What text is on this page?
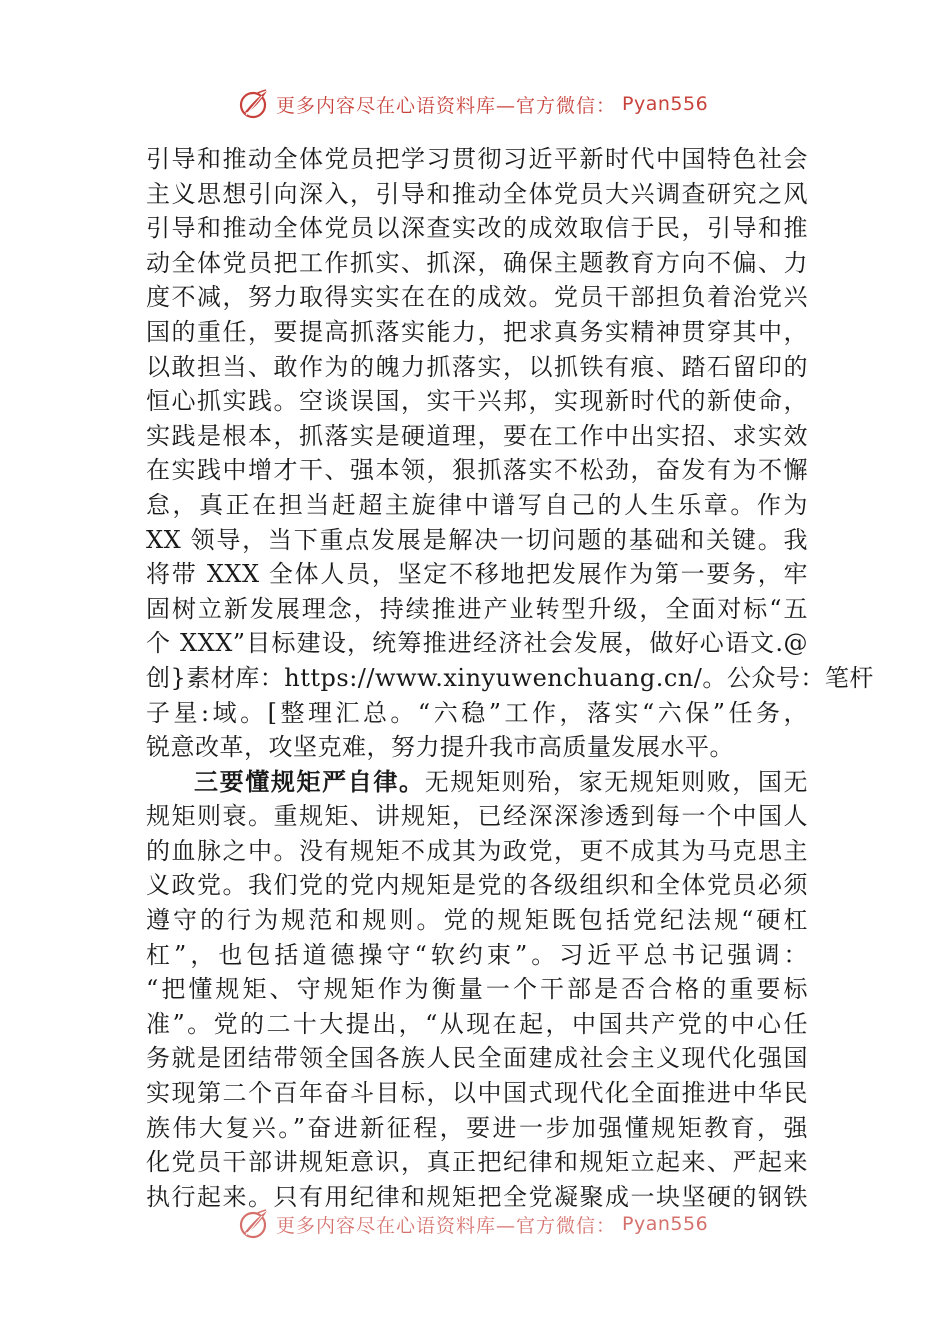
更多内容尽在心语资料库—官方微信： Pyan556
引导和推动全体党员把学习贯彻习近平新时代中国特色社会
主义思想引向深入，引导和推动全体党员大兴调查研究之风
引导和推动全体党员以深查实改的成效取信于民，引导和推
动全体党员把工作抓实、抓深，确保主题教育方向不偏、力
度不减，努力取得实实在在的成效。党员干部担负着治党兴
国的重任，要提高抓落实能力，把求真务实精神贯穿其中，
以敢担当、敢作为的魄力抓落实，以抓铁有痕、踏石留印的
恒心抓实践。空谈误国，实干兴邦，实现新时代的新使命，
实践是根本，抓落实是硬道理，要在工作中出实招、求实效
在实践中增才干、强本领，狠抓落实不松劲，奋发有为不懈
怠，真正在担当赶超主旋律中谱写自己的人生乐章。作为
XX 领导，当下重点发展是解决一切问题的基础和关键。我
将带 XXX 全体人员，坚定不移地把发展作为第一要务，牢
固树立新发展理念，持续推进产业转型升级，全面对标“五
个 XXX”目标建设，统筹推进经济社会发展，做好心语文.@
创}素材库：https://www.xinyuwenchuang.cn/。公众号：笔杆
子星:域。[整理汇总。“六稳”工作，落实“六保”任务，
锐意改革，攻坚克难，努力提升我市高质量发展水平。
三要懂规矩严自律。无规矩则殆，家无规矩则败，国无
规矩则衰。重规矩、讲规矩，已经深深渗透到每一个中国人
的血脉之中。没有规矩不成其为政党，更不成其为马克思主
义政党。我们党的党内规矩是党的各级组织和全体党员必须
遵守的行为规范和规则。党的规矩既包括党纪法规“硬杠
杠”，也包括道德操守“软约束”。习近平总书记强调：
“把懂规矩、守规矩作为衡量一个干部是否合格的重要标
准”。党的二十大提出，“从现在起，中国共产党的中心任
务就是团结带领全国各族人民全面建成社会主义现代化强国
实现第二个百年奋斗目标，以中国式现代化全面推进中华民
族伟大复兴。”奋进新征程，要进一步加强懂规矩教育，强
化党员干部讲规矩意识，真正把纪律和规矩立起来、严起来
执行起来。只有用纪律和规矩把全党凝聚成一块坚硬的钢铁
更多内容尽在心语资料库—官方微信： Pyan556
